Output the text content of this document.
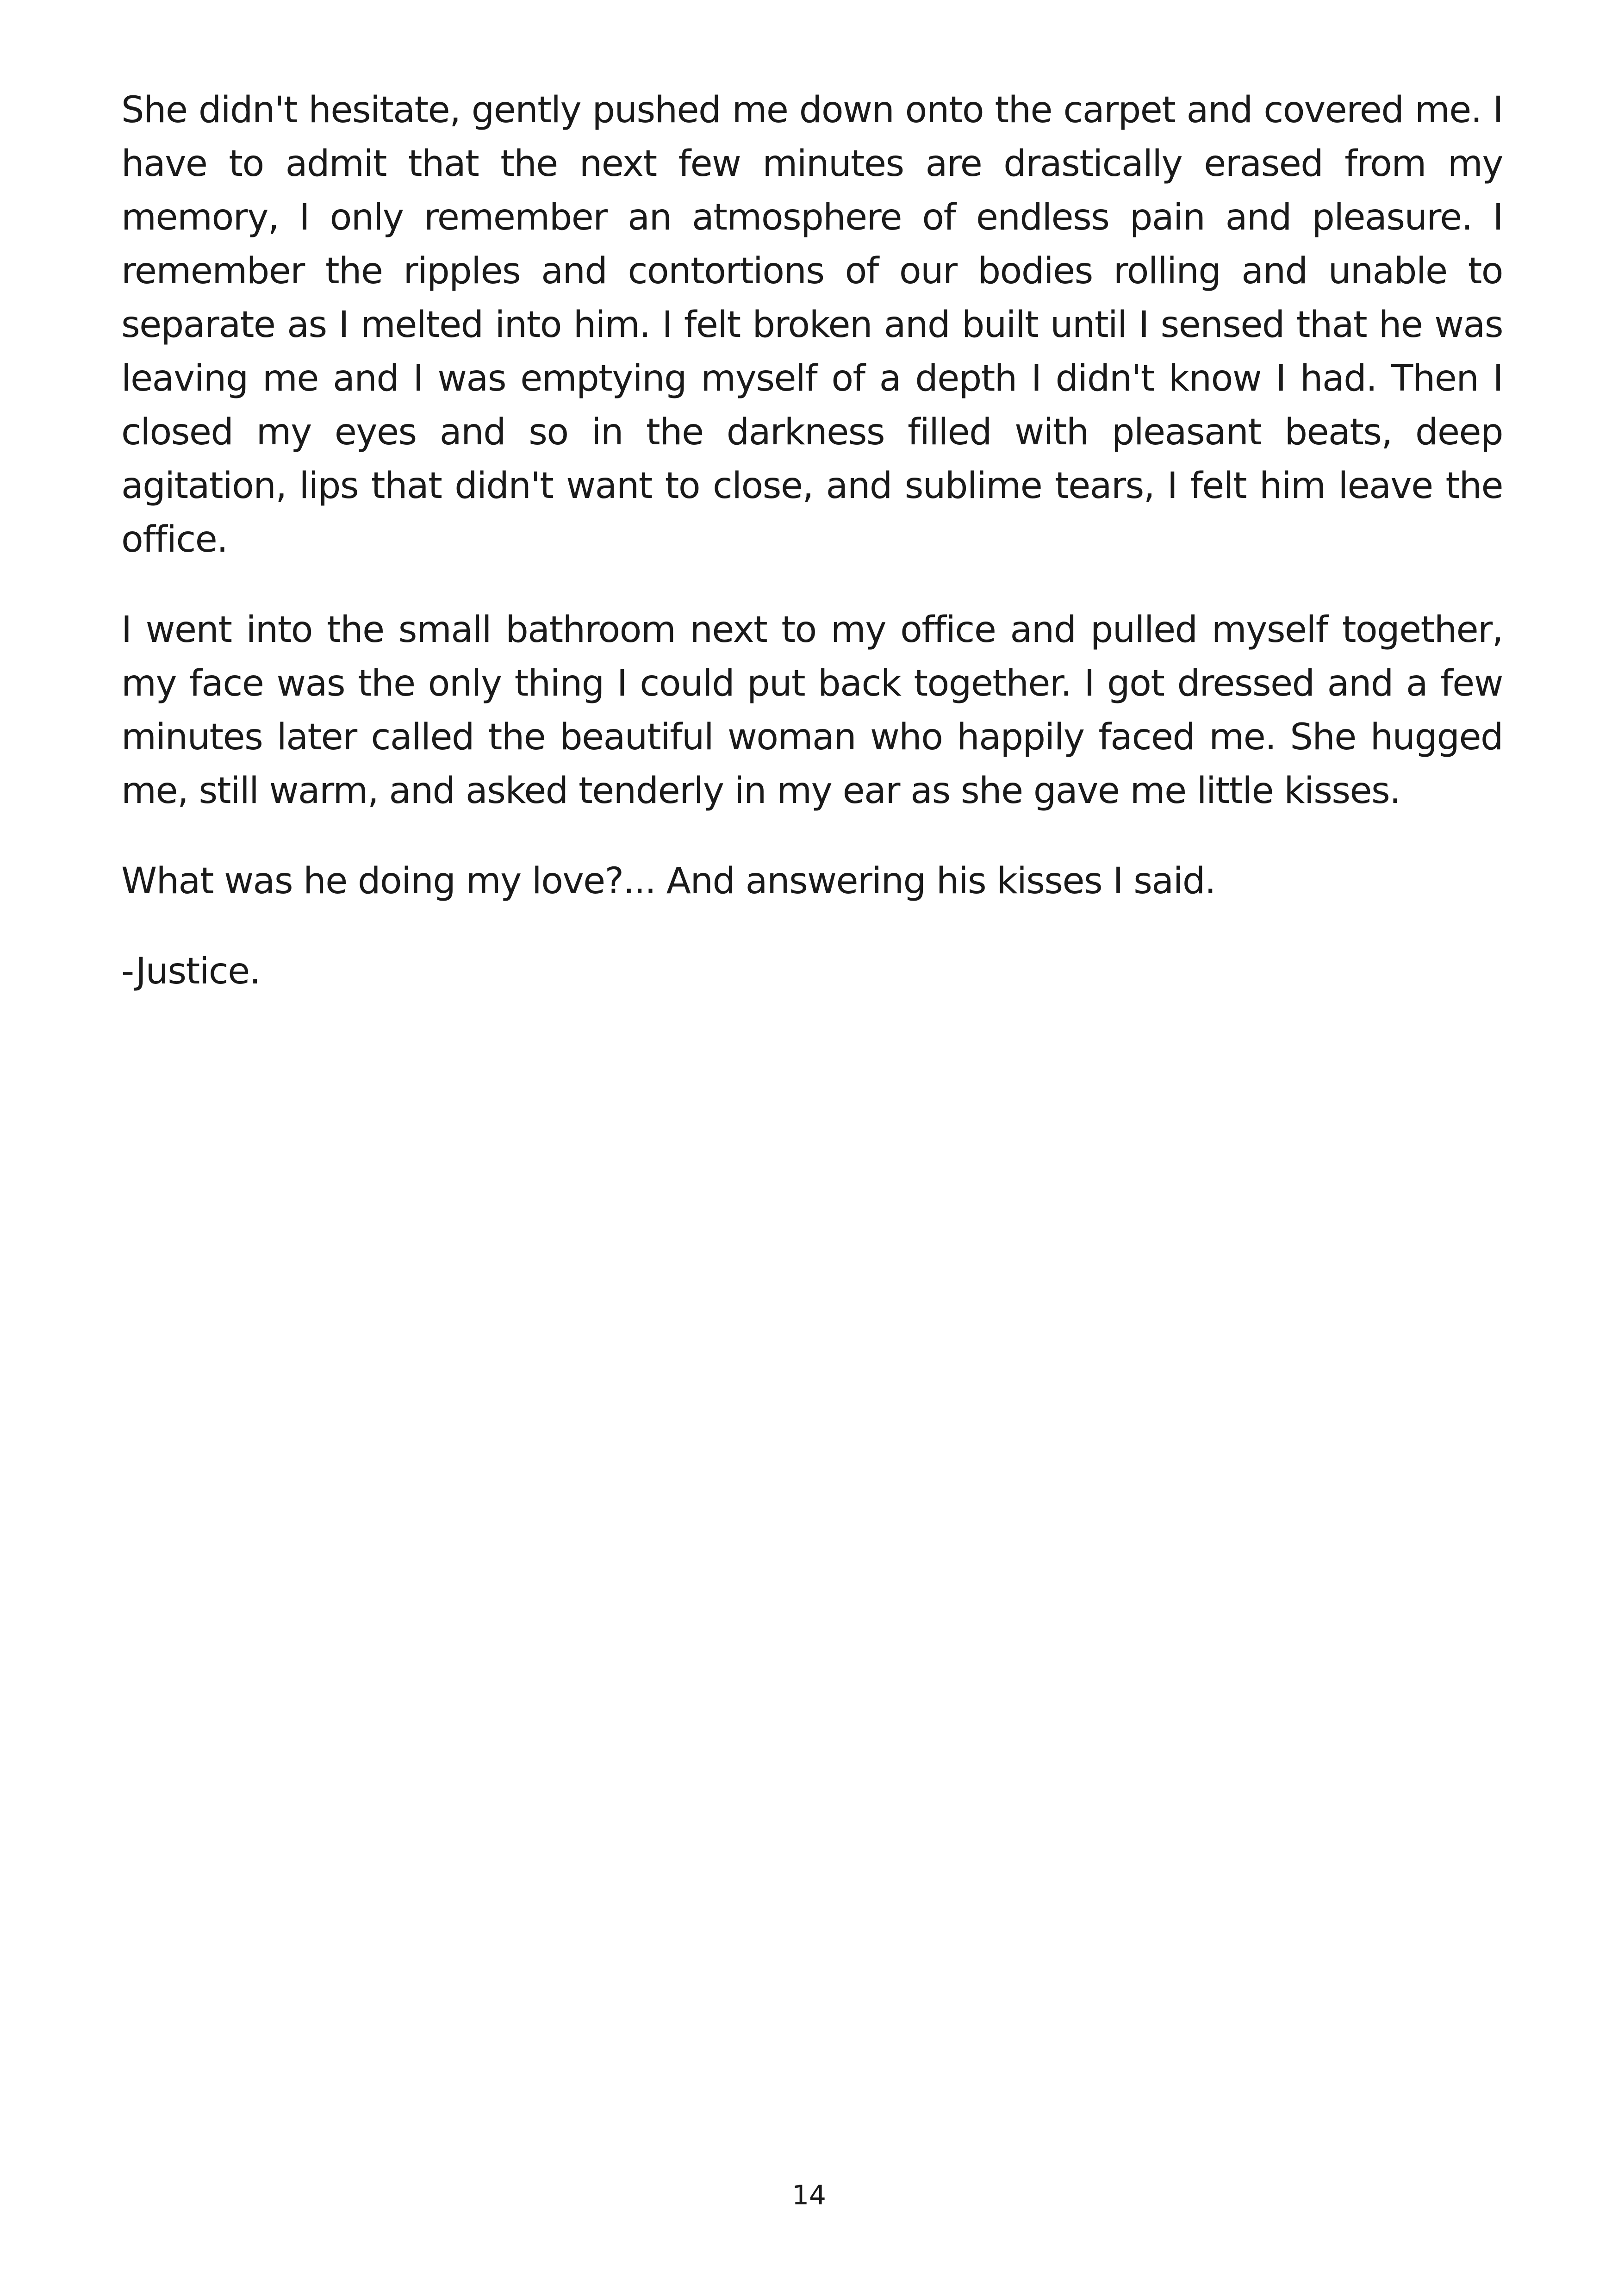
She didn't hesitate, gently pushed me down onto the carpet and covered me. I have to admit that the next few minutes are drastically erased from my memory, I only remember an atmosphere of endless pain and pleasure. I remember the ripples and contortions of our bodies rolling and unable to separate as I melted into him. I felt broken and built until I sensed that he was leaving me and I was emptying myself of a depth I didn't know I had. Then I closed my eyes and so in the darkness filled with pleasant beats, deep agitation, lips that didn't want to close, and sublime tears, I felt him leave the office.

I went into the small bathroom next to my office and pulled myself together, my face was the only thing I could put back together. I got dressed and a few minutes later called the beautiful woman who happily faced me. She hugged me, still warm, and asked tenderly in my ear as she gave me little kisses.

What was he doing my love?... And answering his kisses I said.

-Justice.

14
